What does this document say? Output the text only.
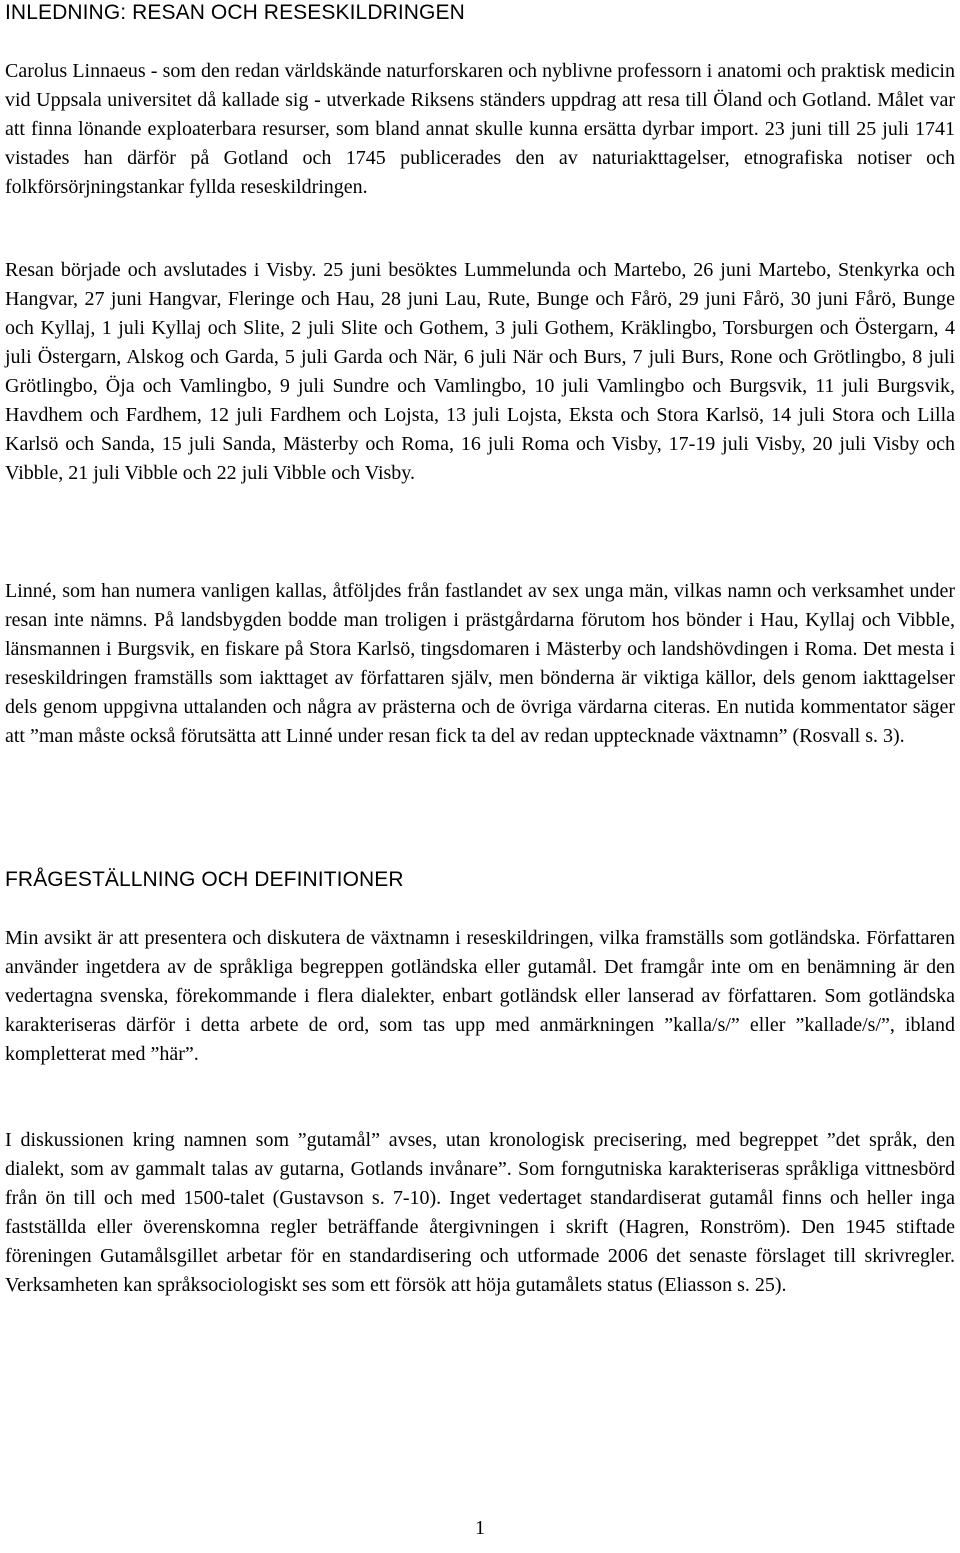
INLEDNING: RESAN OCH RESESKILDRINGEN

Carolus Linnaeus - som den redan världskände naturforskaren och nyblivne professorn i anatomi och praktisk medicin vid Uppsala universitet då kallade sig - utverkade Riksens ständers uppdrag att resa till Öland och Gotland. Målet var att finna lönande exploaterbara resurser, som bland annat skulle kunna ersätta dyrbar import. 23 juni till 25 juli 1741 vistades han därför på Gotland och 1745 publicerades den av naturiakttagelser, etnografiska notiser och folkförsörjningstankar fyllda reseskildringen.

Resan började och avslutades i Visby. 25 juni besöktes Lummelunda och Martebo, 26 juni Martebo, Stenkyrka och Hangvar, 27 juni Hangvar, Fleringe och Hau, 28 juni Lau, Rute, Bunge och Fårö, 29 juni Fårö, 30 juni Fårö, Bunge och Kyllaj, 1 juli Kyllaj och Slite, 2 juli Slite och Gothem, 3 juli Gothem, Kräklingbo, Torsburgen och Östergarn, 4 juli Östergarn, Alskog och Garda, 5 juli Garda och När, 6 juli När och Burs, 7 juli Burs, Rone och Grötlingbo, 8 juli Grötlingbo, Öja och Vamlingbo, 9 juli Sundre och Vamlingbo, 10 juli Vamlingbo och Burgsvik, 11 juli Burgsvik, Havdhem och Fardhem, 12 juli Fardhem och Lojsta, 13 juli Lojsta, Eksta och Stora Karlsö, 14 juli Stora och Lilla Karlsö och Sanda, 15 juli Sanda, Mästerby och Roma, 16 juli Roma och Visby, 17-19 juli Visby, 20 juli Visby och Vibble, 21 juli Vibble och 22 juli Vibble och Visby.

Linné, som han numera vanligen kallas, åtföljdes från fastlandet av sex unga män, vilkas namn och verksamhet under resan inte nämns. På landsbygden bodde man troligen i prästgårdarna förutom hos bönder i Hau, Kyllaj och Vibble, länsmannen i Burgsvik, en fiskare på Stora Karlsö, tingsdomaren i Mästerby och landshövdingen i Roma. Det mesta i reseskildringen framställs som iakttaget av författaren själv, men bönderna är viktiga källor, dels genom iakttagelser dels genom uppgivna uttalanden och några av prästerna och de övriga värdarna citeras. En nutida kommentator säger att ”man måste också förutsätta att Linné under resan fick ta del av redan upptecknade växtnamn” (Rosvall s. 3).

FRÅGESTÄLLNING OCH DEFINITIONER

Min avsikt är att presentera och diskutera de växtnamn i reseskildringen, vilka framställs som gotländska. Författaren använder ingetdera av de språkliga begreppen gotländska eller gutamål. Det framgår inte om en benämning är den vedertagna svenska, förekommande i flera dialekter, enbart gotländsk eller lanserad av författaren. Som gotländska karakteriseras därför i detta arbete de ord, som tas upp med anmärkningen ”kalla/s/” eller ”kallade/s/”, ibland kompletterat med ”här”.

I diskussionen kring namnen som ”gutamål” avses, utan kronologisk precisering, med begreppet ”det språk, den dialekt, som av gammalt talas av gutarna, Gotlands invånare”. Som forngutniska karakteriseras språkliga vittnesbörd från ön till och med 1500-talet (Gustavson s. 7-10). Inget vedertaget standardiserat gutamål finns och heller inga fastställda eller överenskomna regler beträffande återgivningen i skrift (Hagren, Ronström). Den 1945 stiftade föreningen Gutamålsgillet arbetar för en standardisering och utformade 2006 det senaste förslaget till skrivregler. Verksamheten kan språksociologiskt ses som ett försök att höja gutamålets status (Eliasson s. 25).

1
